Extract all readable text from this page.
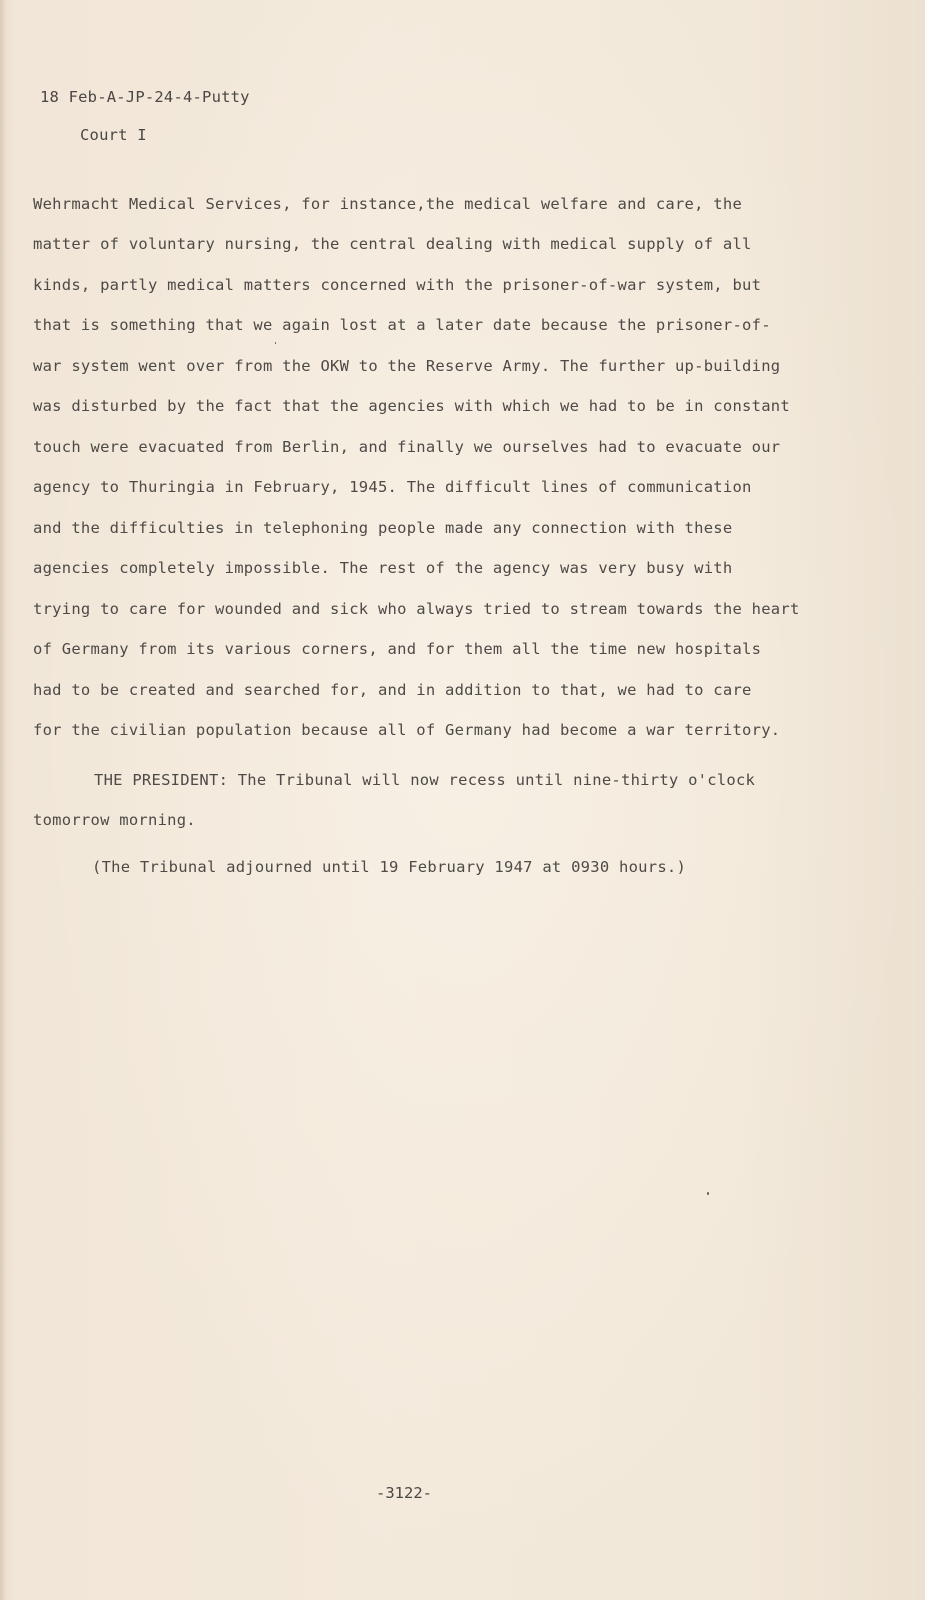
18 Feb-A-JP-24-4-Putty
Court I
Wehrmacht Medical Services, for instance,the medical welfare and care, the
matter of voluntary nursing, the central dealing with medical supply of all
kinds, partly medical matters concerned with the prisoner-of-war system, but
that is something that we again lost at a later date because the prisoner-of-
war system went over from the OKW to the Reserve Army. The further up-building
was disturbed by the fact that the agencies with which we had to be in constant
touch were evacuated from Berlin, and finally we ourselves had to evacuate our
agency to Thuringia in February, 1945. The difficult lines of communication
and the difficulties in telephoning people made any connection with these
agencies completely impossible. The rest of the agency was very busy with
trying to care for wounded and sick who always tried to stream towards the heart
of Germany from its various corners, and for them all the time new hospitals
had to be created and searched for, and in addition to that, we had to care
for the civilian population because all of Germany had become a war territory.
THE PRESIDENT: The Tribunal will now recess until nine-thirty o'clock
tomorrow morning.
(The Tribunal adjourned until 19 February 1947 at 0930 hours.)
-3122-
